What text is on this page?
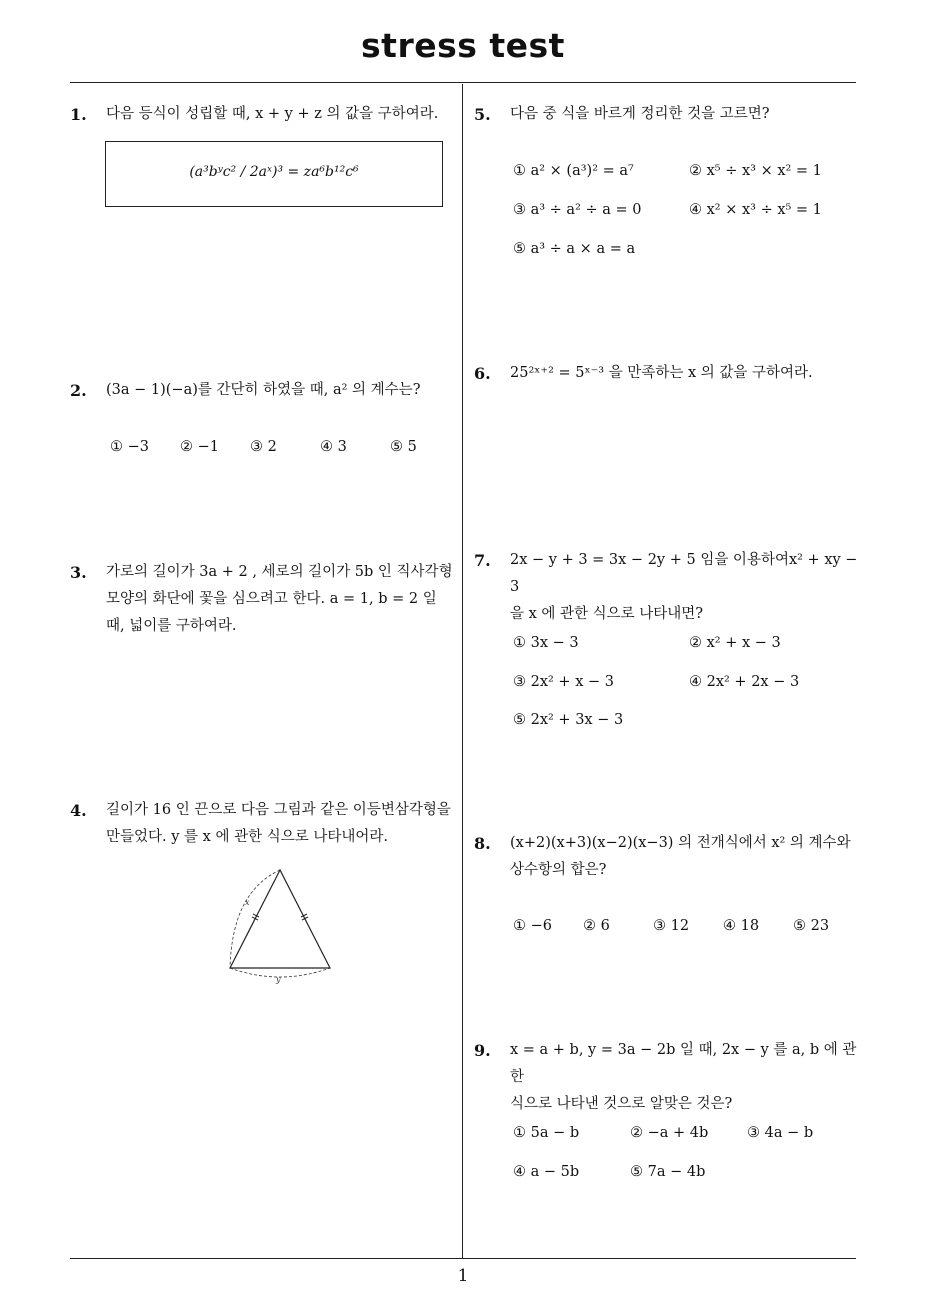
stress test
1
1. 다음 등식이 성립할 때, x + y + z 의 값을 구하여라.
(a³bʸc² / 2aˣ)³ = za⁶b¹²c⁶
2. (3a − 1)(−a)를 간단히 하였을 때, a² 의 계수는?
① −3 ② −1 ③ 2	④ 3	⑤ 5
3. 가로의 길이가 3a + 2 , 세로의 길이가 5b 인 직사각형
모양의 화단에 꽃을 심으려고 한다. a = 1, b = 2 일
때, 넓이를 구하여라.
4. 길이가 16 인 끈으로 다음 그림과 같은 이등변삼각형을
만들었다. y 를 x 에 관한 식으로 나타내어라.
x
y
5. 다음 중 식을 바르게 정리한 것을 고르면?
① a² × (a³)² = a⁷	② x⁵ ÷ x³ × x² = 1
③ a³ ÷ a² ÷ a = 0	④ x² × x³ ÷ x⁵ = 1
⑤ a³ ÷ a × a = a
6. 25²ˣ⁺² = 5ˣ⁻³ 을 만족하는 x 의 값을 구하여라.
7. 2x − y + 3 = 3x − 2y + 5 임을 이용하여x² + xy − 3
을 x 에 관한 식으로 나타내면?
① 3x − 3	② x² + x − 3
③ 2x² + x − 3	④ 2x² + 2x − 3
⑤ 2x² + 3x − 3
8. (x+2)(x+3)(x−2)(x−3) 의 전개식에서 x² 의 계수와
상수항의 합은?
① −6 ② 6	③ 12 ④ 18 ⑤ 23
9. x = a + b, y = 3a − 2b 일 때, 2x − y 를 a, b 에 관한
식으로 나타낸 것으로 알맞은 것은?
① 5a − b	② −a + 4b	③ 4a − b
④ a − 5b	⑤ 7a − 4b
